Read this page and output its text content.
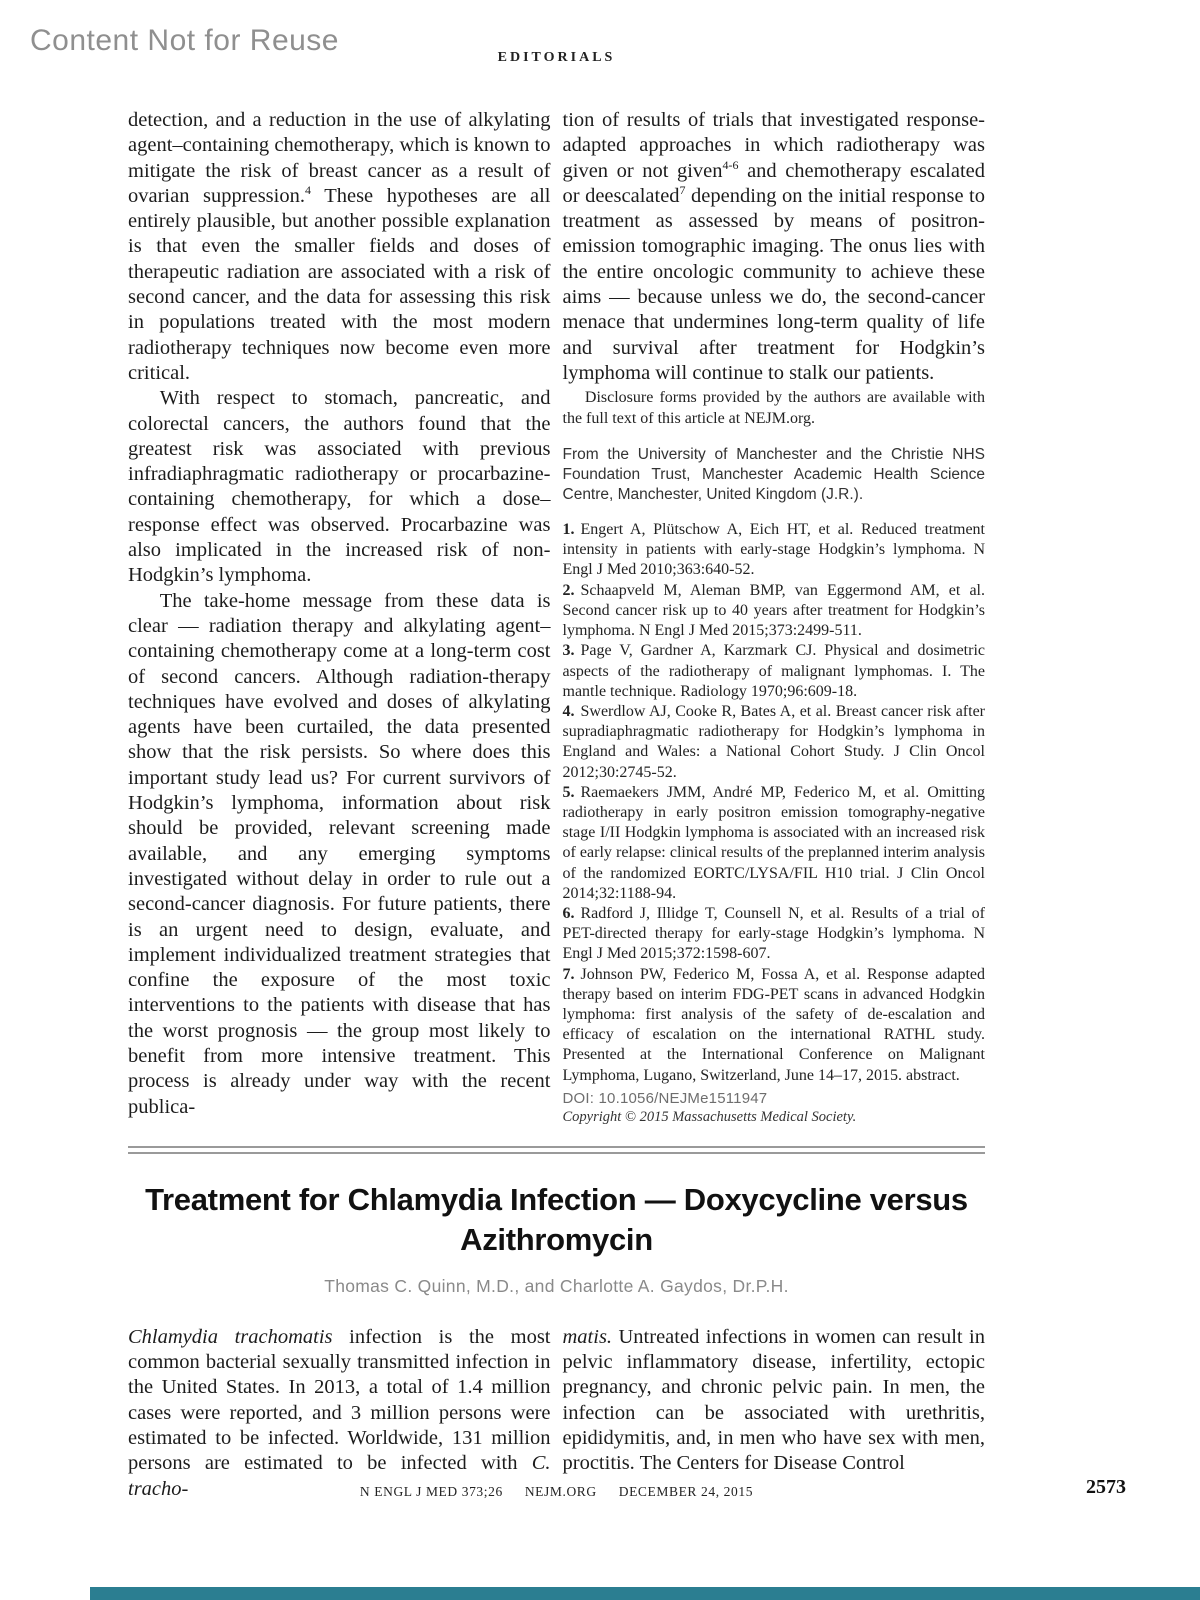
Content Not for Reuse
EDITORIALS

detection, and a reduction in the use of alkylating agent–containing chemotherapy, which is known to mitigate the risk of breast cancer as a result of ovarian suppression.$^4$ These hypotheses are all entirely plausible, but another possible explanation is that even the smaller fields and doses of therapeutic radiation are associated with a risk of second cancer, and the data for assessing this risk in populations treated with the most modern radiotherapy techniques now become even more critical.

With respect to stomach, pancreatic, and colorectal cancers, the authors found that the greatest risk was associated with previous infradiaphragmatic radiotherapy or procarbazine-containing chemotherapy, for which a dose–response effect was observed. Procarbazine was also implicated in the increased risk of non-Hodgkin’s lymphoma.

The take-home message from these data is clear — radiation therapy and alkylating agent–containing chemotherapy come at a long-term cost of second cancers. Although radiation-therapy techniques have evolved and doses of alkylating agents have been curtailed, the data presented show that the risk persists. So where does this important study lead us? For current survivors of Hodgkin’s lymphoma, information about risk should be provided, relevant screening made available, and any emerging symptoms investigated without delay in order to rule out a second-cancer diagnosis. For future patients, there is an urgent need to design, evaluate, and implement individualized treatment strategies that confine the exposure of the most toxic interventions to the patients with disease that has the worst prognosis — the group most likely to benefit from more intensive treatment. This process is already under way with the recent publica-

tion of results of trials that investigated response-adapted approaches in which radiotherapy was given or not given$^{4-6}$ and chemotherapy escalated or deescalated$^7$ depending on the initial response to treatment as assessed by means of positron-emission tomographic imaging. The onus lies with the entire oncologic community to achieve these aims — because unless we do, the second-cancer menace that undermines long-term quality of life and survival after treatment for Hodgkin’s lymphoma will continue to stalk our patients.

Disclosure forms provided by the authors are available with the full text of this article at NEJM.org.

From the University of Manchester and the Christie NHS Foundation Trust, Manchester Academic Health Science Centre, Manchester, United Kingdom (J.R.).

1. Engert A, Plütschow A, Eich HT, et al. Reduced treatment intensity in patients with early-stage Hodgkin’s lymphoma. N Engl J Med 2010;363:640-52.

2. Schaapveld M, Aleman BMP, van Eggermond AM, et al. Second cancer risk up to 40 years after treatment for Hodgkin’s lymphoma. N Engl J Med 2015;373:2499-511.

3. Page V, Gardner A, Karzmark CJ. Physical and dosimetric aspects of the radiotherapy of malignant lymphomas. I. The mantle technique. Radiology 1970;96:609-18.

4. Swerdlow AJ, Cooke R, Bates A, et al. Breast cancer risk after supradiaphragmatic radiotherapy for Hodgkin’s lymphoma in England and Wales: a National Cohort Study. J Clin Oncol 2012;30:2745-52.

5. Raemaekers JMM, André MP, Federico M, et al. Omitting radiotherapy in early positron emission tomography-negative stage I/II Hodgkin lymphoma is associated with an increased risk of early relapse: clinical results of the preplanned interim analysis of the randomized EORTC/LYSA/FIL H10 trial. J Clin Oncol 2014;32:1188-94.

6. Radford J, Illidge T, Counsell N, et al. Results of a trial of PET-directed therapy for early-stage Hodgkin’s lymphoma. N Engl J Med 2015;372:1598-607.

7. Johnson PW, Federico M, Fossa A, et al. Response adapted therapy based on interim FDG-PET scans in advanced Hodgkin lymphoma: first analysis of the safety of de-escalation and efficacy of escalation on the international RATHL study. Presented at the International Conference on Malignant Lymphoma, Lugano, Switzerland, June 14–17, 2015. abstract.

DOI: 10.1056/NEJMe1511947

Copyright © 2015 Massachusetts Medical Society.

Treatment for Chlamydia Infection — Doxycycline versus
Azithromycin
Thomas C. Quinn, M.D., and Charlotte A. Gaydos, Dr.P.H.

Chlamydia trachomatis infection is the most common bacterial sexually transmitted infection in the United States. In 2013, a total of 1.4 million cases were reported, and 3 million persons were estimated to be infected. Worldwide, 131 million persons are estimated to be infected with C. tracho-

matis. Untreated infections in women can result in pelvic inflammatory disease, infertility, ectopic pregnancy, and chronic pelvic pain. In men, the infection can be associated with urethritis, epididymitis, and, in men who have sex with men, proctitis. The Centers for Disease Control

N ENGL J MED 373;26 NEJM.ORG DECEMBER 24, 2015	2573
